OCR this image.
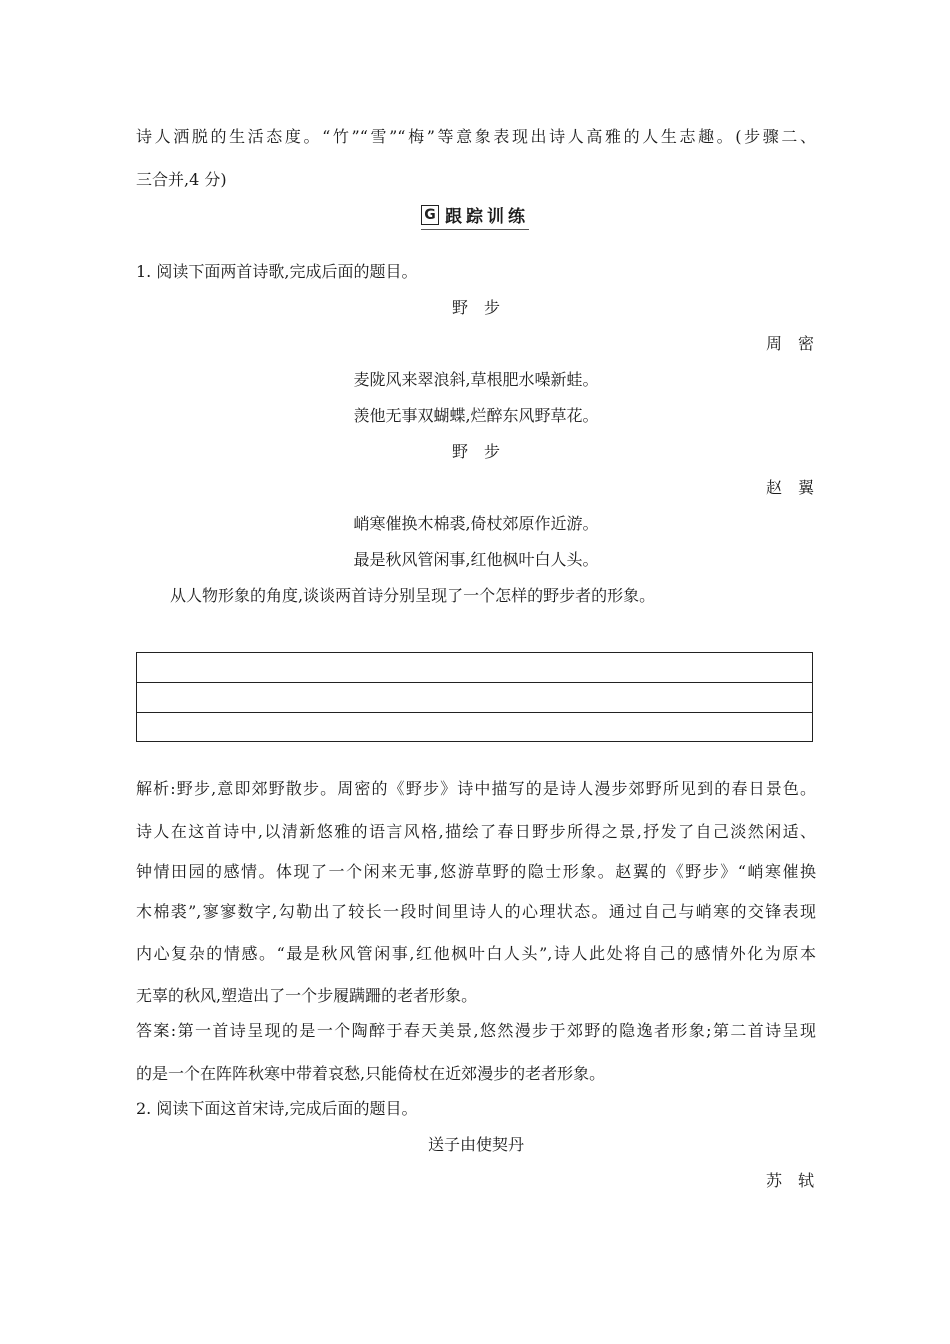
诗人洒脱的生活态度。“竹”“雪”“梅”等意象表现出诗人高雅的人生志趣。(步骤二、
三合并,4 分)
G 跟踪训练
1. 阅读下面两首诗歌,完成后面的题目。
野　步
周　密
麦陇风来翠浪斜,草根肥水噪新蛙。
羡他无事双蝴蝶,烂醉东风野草花。
野　步
赵　翼
峭寒催换木棉裘,倚杖郊原作近游。
最是秋风管闲事,红他枫叶白人头。
从人物形象的角度,谈谈两首诗分别呈现了一个怎样的野步者的形象。
解析:野步,意即郊野散步。周密的《野步》诗中描写的是诗人漫步郊野所见到的春日景色。
诗人在这首诗中,以清新悠雅的语言风格,描绘了春日野步所得之景,抒发了自己淡然闲适、
钟情田园的感情。体现了一个闲来无事,悠游草野的隐士形象。赵翼的《野步》“峭寒催换
木棉裘”,寥寥数字,勾勒出了较长一段时间里诗人的心理状态。通过自己与峭寒的交锋表现
内心复杂的情感。“最是秋风管闲事,红他枫叶白人头”,诗人此处将自己的感情外化为原本
无辜的秋风,塑造出了一个步履蹒跚的老者形象。
答案:第一首诗呈现的是一个陶醉于春天美景,悠然漫步于郊野的隐逸者形象;第二首诗呈现
的是一个在阵阵秋寒中带着哀愁,只能倚杖在近郊漫步的老者形象。
2. 阅读下面这首宋诗,完成后面的题目。
送子由使契丹
苏　轼
